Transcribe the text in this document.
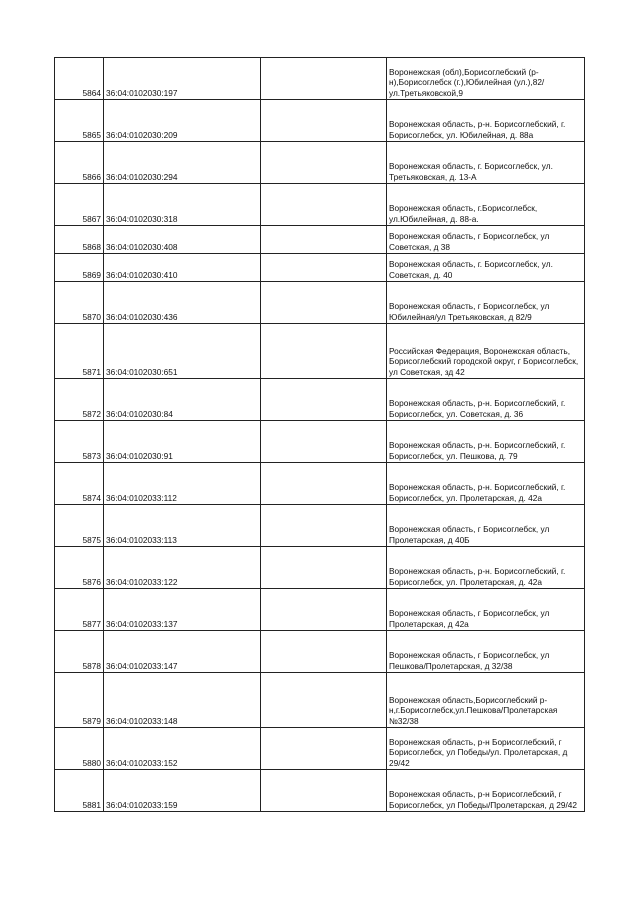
5864	36:04:0102030:197		Воронежская (обл),Борисоглебский (р-н),Борисоглебск (г.),Юбилейная (ул.),82/ул.Третьяковской,9
5865	36:04:0102030:209		Воронежская область, р-н. Борисоглебский, г. Борисоглебск, ул. Юбилейная, д. 88а
5866	36:04:0102030:294		Воронежская область, г. Борисоглебск, ул. Третьяковская, д. 13-А
5867	36:04:0102030:318		Воронежская область, г.Борисоглебск, ул.Юбилейная, д. 88-а.
5868	36:04:0102030:408		Воронежская область, г Борисоглебск, ул Советская, д 38
5869	36:04:0102030:410		Воронежская область, г. Борисоглебск, ул. Советская, д. 40
5870	36:04:0102030:436		Воронежская область, г Борисоглебск, ул Юбилейная/ул Третьяковская, д 82/9
5871	36:04:0102030:651		Российская Федерация, Воронежская область, Борисоглебский городской округ, г Борисоглебск, ул Советская, зд 42
5872	36:04:0102030:84		Воронежская область, р-н. Борисоглебский, г. Борисоглебск, ул. Советская, д. 36
5873	36:04:0102030:91		Воронежская область, р-н. Борисоглебский, г. Борисоглебск, ул. Пешкова, д. 79
5874	36:04:0102033:112		Воронежская область, р-н. Борисоглебский, г. Борисоглебск, ул. Пролетарская, д. 42а
5875	36:04:0102033:113		Воронежская область, г Борисоглебск, ул Пролетарская, д 40Б
5876	36:04:0102033:122		Воронежская область, р-н. Борисоглебский, г. Борисоглебск, ул. Пролетарская, д. 42а
5877	36:04:0102033:137		Воронежская область, г Борисоглебск, ул Пролетарская, д 42а
5878	36:04:0102033:147		Воронежская область, г Борисоглебск, ул Пешкова/Пролетарская, д 32/38
5879	36:04:0102033:148		Воронежская область,Борисоглебский р-н,г.Борисоглебск,ул.Пешкова/Пролетарская №32/38
5880	36:04:0102033:152		Воронежская область, р-н Борисоглебский, г Борисоглебск, ул Победы/ул. Пролетарская, д 29/42
5881	36:04:0102033:159		Воронежская область, р-н Борисоглебский, г Борисоглебск, ул Победы/Пролетарская, д 29/42
